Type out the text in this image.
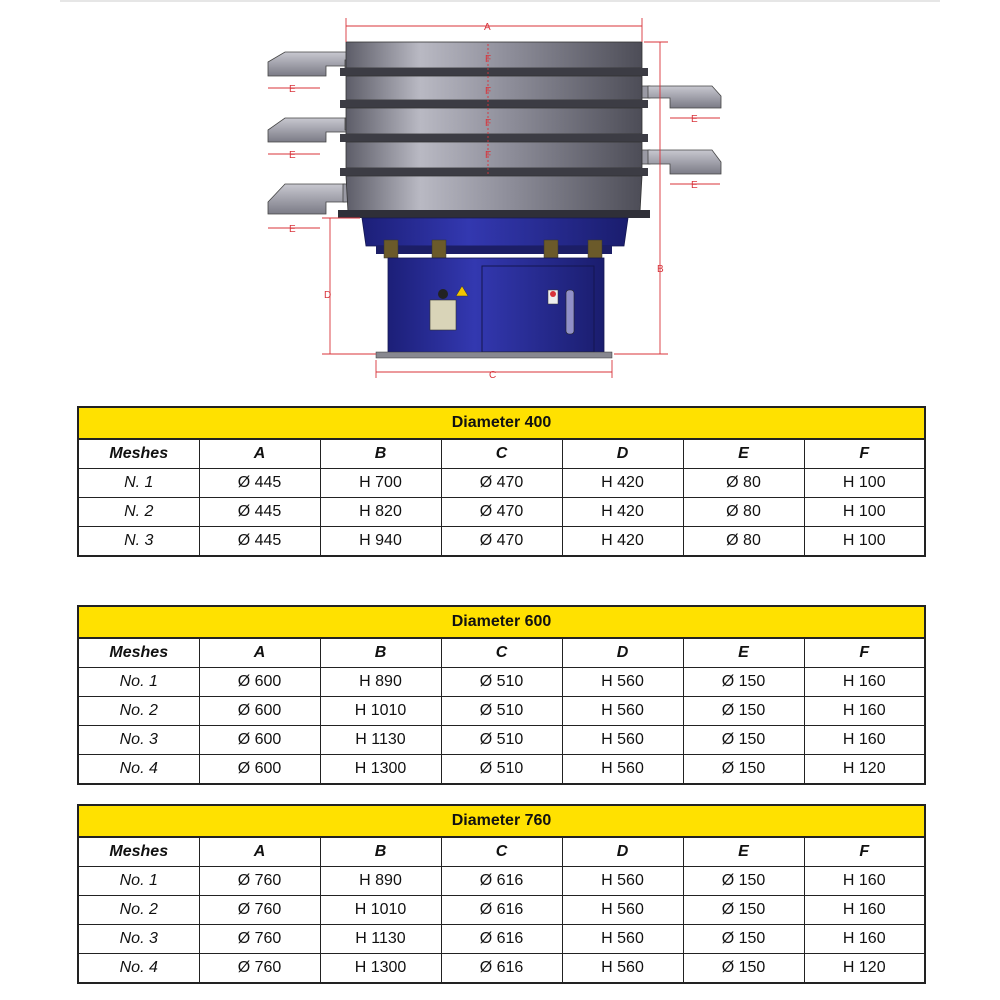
A
B
C
D
E
E
E
E
E
F
F
F
F
Diameter 400						
Meshes	A	B	C	D	E	F
N. 1	Ø 445	H 700	Ø 470	H 420	Ø 80	H 100
N. 2	Ø 445	H 820	Ø 470	H 420	Ø 80	H 100
N. 3	Ø 445	H 940	Ø 470	H 420	Ø 80	H 100
Diameter 600						
Meshes	A	B	C	D	E	F
No. 1	Ø 600	H 890	Ø 510	H 560	Ø 150	H 160
No. 2	Ø 600	H 1010	Ø 510	H 560	Ø 150	H 160
No. 3	Ø 600	H 1130	Ø 510	H 560	Ø 150	H 160
No. 4	Ø 600	H 1300	Ø 510	H 560	Ø 150	H 120
Diameter 760						
Meshes	A	B	C	D	E	F
No. 1	Ø 760	H 890	Ø 616	H 560	Ø 150	H 160
No. 2	Ø 760	H 1010	Ø 616	H 560	Ø 150	H 160
No. 3	Ø 760	H 1130	Ø 616	H 560	Ø 150	H 160
No. 4	Ø 760	H 1300	Ø 616	H 560	Ø 150	H 120
